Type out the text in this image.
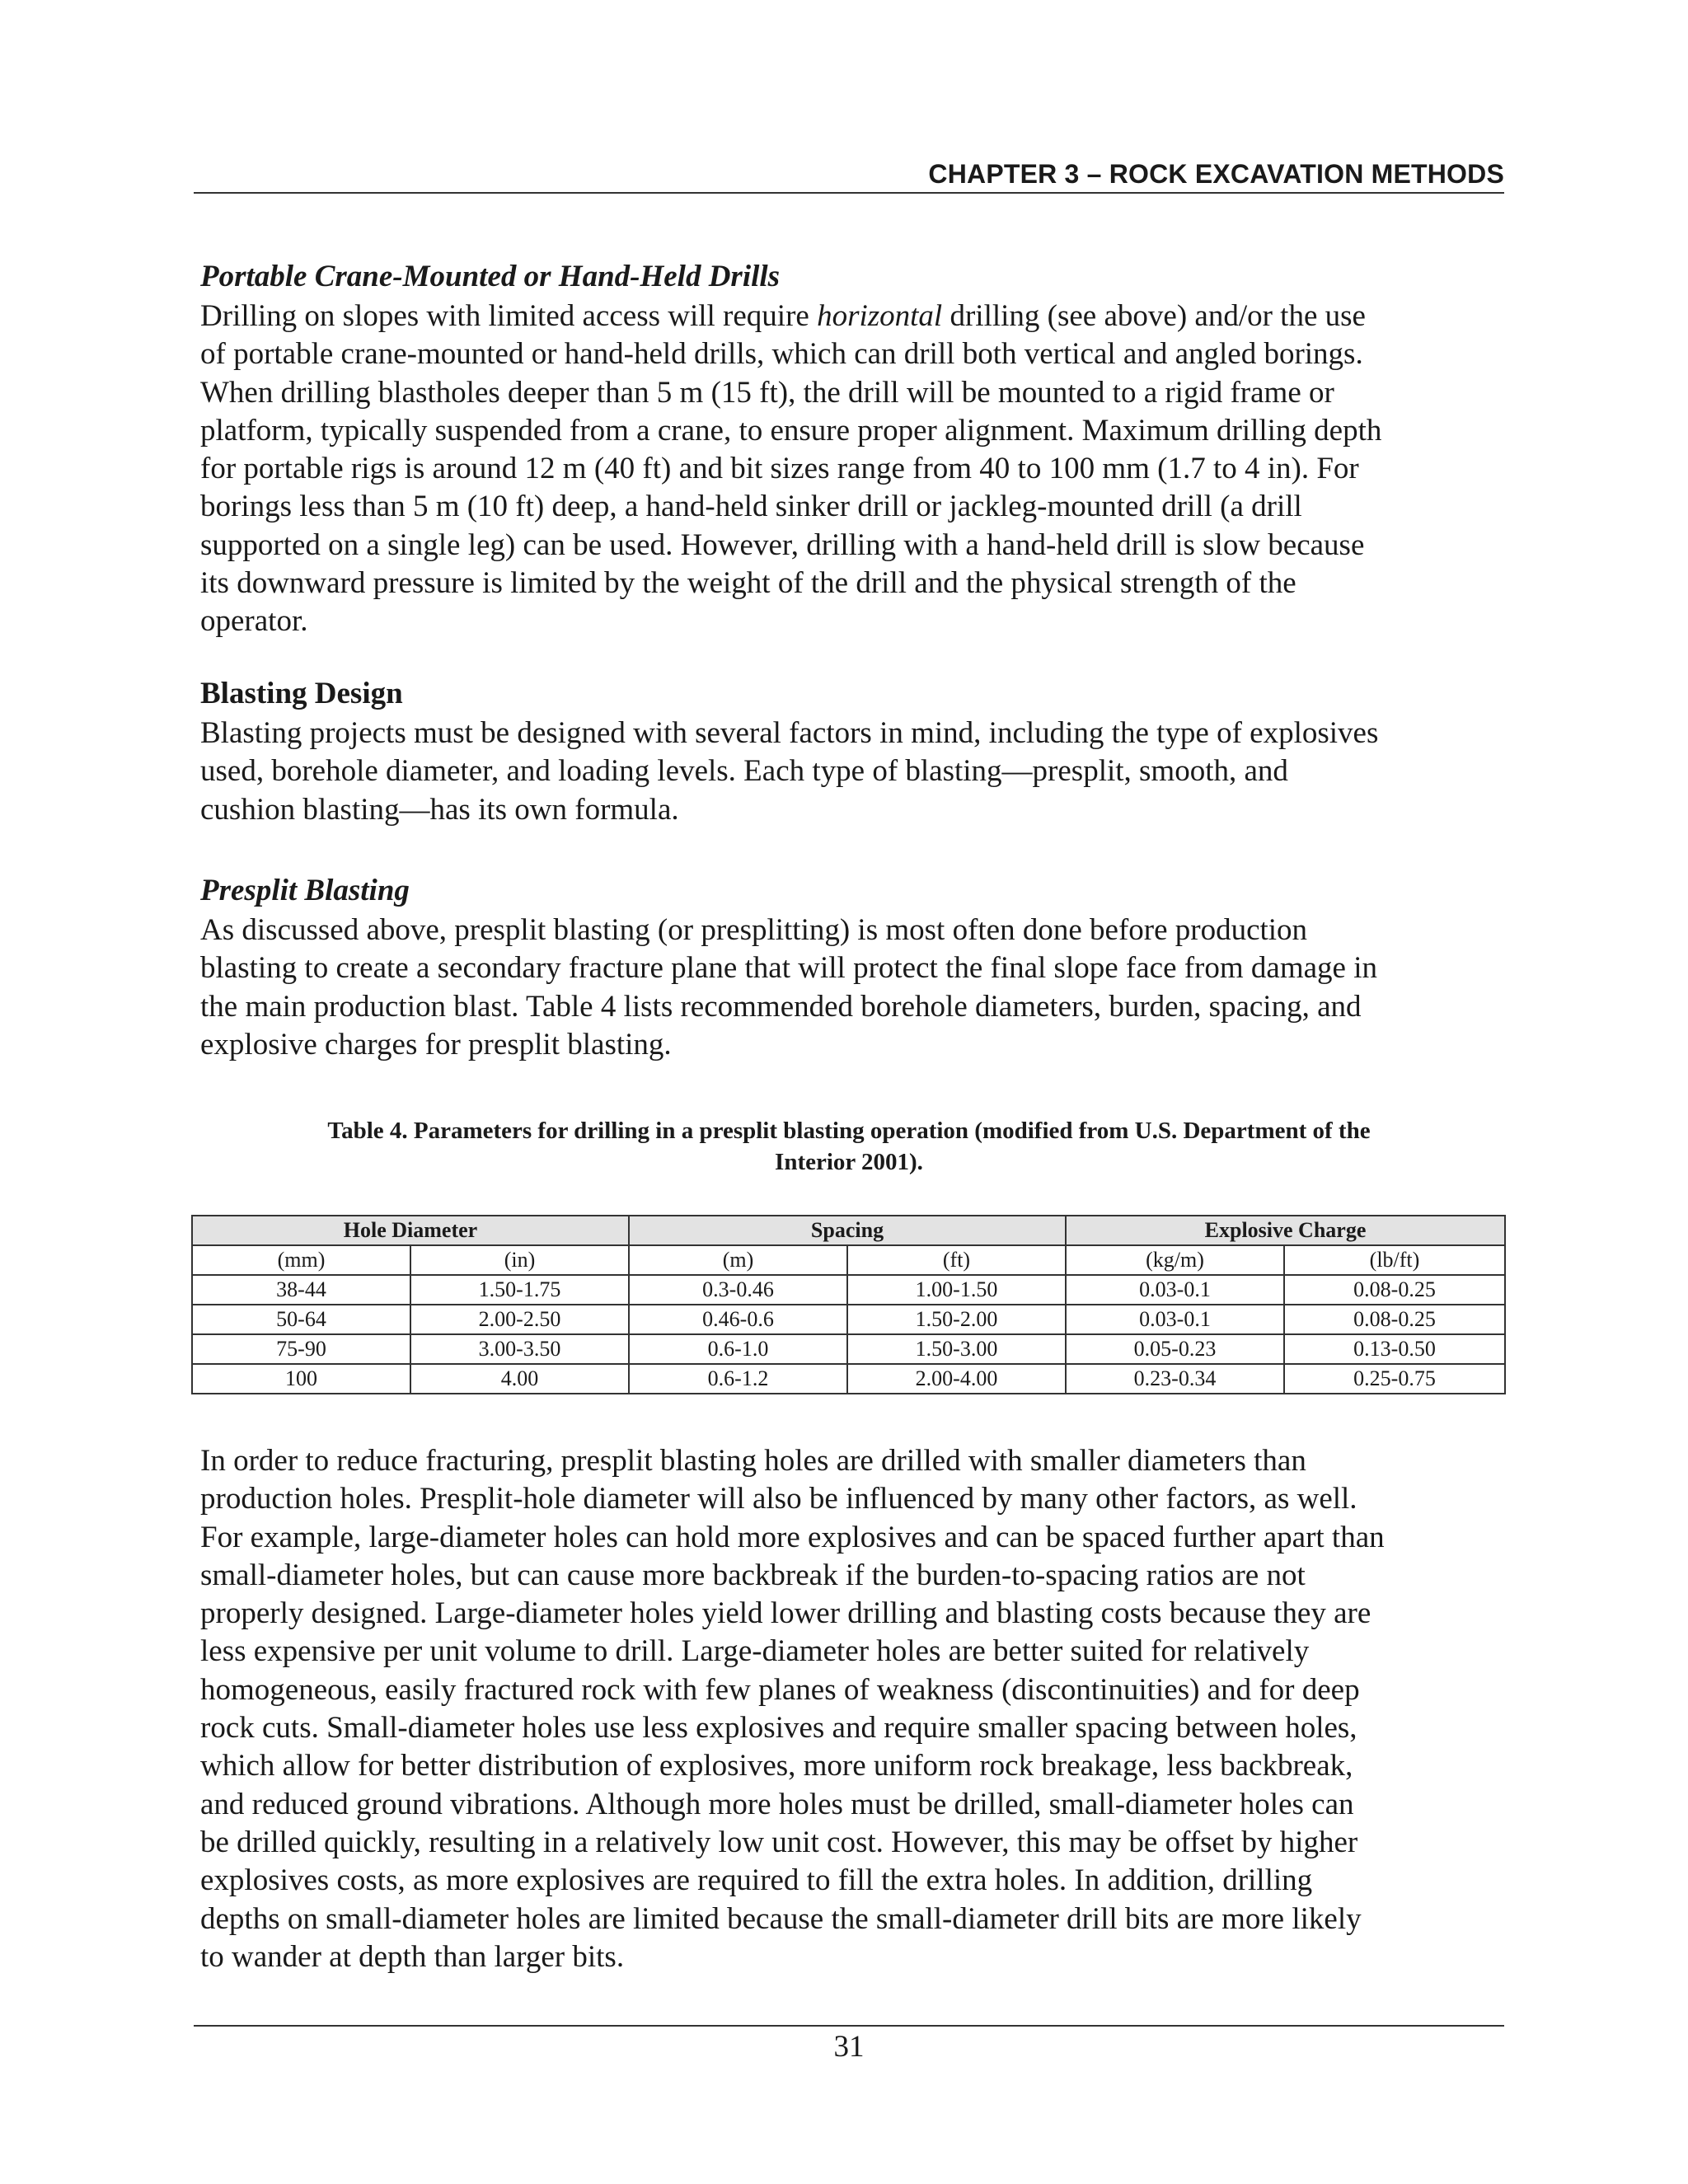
CHAPTER 3 – ROCK EXCAVATION METHODS
Portable Crane-Mounted or Hand-Held Drills

Drilling on slopes with limited access will require horizontal drilling (see above) and/or the use
of portable crane-mounted or hand-held drills, which can drill both vertical and angled borings.
When drilling blastholes deeper than 5 m (15 ft), the drill will be mounted to a rigid frame or
platform, typically suspended from a crane, to ensure proper alignment. Maximum drilling depth
for portable rigs is around 12 m (40 ft) and bit sizes range from 40 to 100 mm (1.7 to 4 in). For
borings less than 5 m (10 ft) deep, a hand-held sinker drill or jackleg-mounted drill (a drill
supported on a single leg) can be used. However, drilling with a hand-held drill is slow because
its downward pressure is limited by the weight of the drill and the physical strength of the
operator.

Blasting Design

Blasting projects must be designed with several factors in mind, including the type of explosives
used, borehole diameter, and loading levels. Each type of blasting—presplit, smooth, and
cushion blasting—has its own formula.

Presplit Blasting

As discussed above, presplit blasting (or presplitting) is most often done before production
blasting to create a secondary fracture plane that will protect the final slope face from damage in
the main production blast. Table 4 lists recommended borehole diameters, burden, spacing, and
explosive charges for presplit blasting.

Table 4. Parameters for drilling in a presplit blasting operation (modified from U.S. Department of the
Interior 2001).
Hole Diameter		Spacing		Explosive Charge	
(mm)	(in)	(m)	(ft)	(kg/m)	(lb/ft)
38-44	1.50-1.75	0.3-0.46	1.00-1.50	0.03-0.1	0.08-0.25
50-64	2.00-2.50	0.46-0.6	1.50-2.00	0.03-0.1	0.08-0.25
75-90	3.00-3.50	0.6-1.0	1.50-3.00	0.05-0.23	0.13-0.50
100	4.00	0.6-1.2	2.00-4.00	0.23-0.34	0.25-0.75

In order to reduce fracturing, presplit blasting holes are drilled with smaller diameters than
production holes. Presplit-hole diameter will also be influenced by many other factors, as well.
For example, large-diameter holes can hold more explosives and can be spaced further apart than
small-diameter holes, but can cause more backbreak if the burden-to-spacing ratios are not
properly designed. Large-diameter holes yield lower drilling and blasting costs because they are
less expensive per unit volume to drill. Large-diameter holes are better suited for relatively
homogeneous, easily fractured rock with few planes of weakness (discontinuities) and for deep
rock cuts. Small-diameter holes use less explosives and require smaller spacing between holes,
which allow for better distribution of explosives, more uniform rock breakage, less backbreak,
and reduced ground vibrations. Although more holes must be drilled, small-diameter holes can
be drilled quickly, resulting in a relatively low unit cost. However, this may be offset by higher
explosives costs, as more explosives are required to fill the extra holes. In addition, drilling
depths on small-diameter holes are limited because the small-diameter drill bits are more likely
to wander at depth than larger bits.

31
